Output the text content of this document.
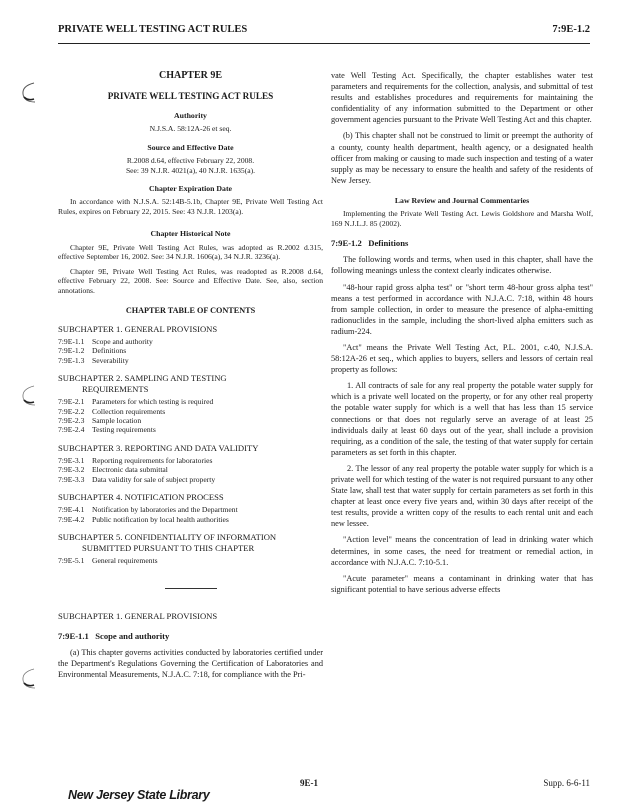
PRIVATE WELL TESTING ACT RULES	7:9E-1.2
CHAPTER 9E
PRIVATE WELL TESTING ACT RULES
Authority
N.J.S.A. 58:12A-26 et seq.
Source and Effective Date
R.2008 d.64, effective February 22, 2008.
See: 39 N.J.R. 4021(a), 40 N.J.R. 1635(a).
Chapter Expiration Date

In accordance with N.J.S.A. 52:14B-5.1b, Chapter 9E, Private Well Testing Act Rules, expires on February 22, 2015. See: 43 N.J.R. 1203(a).

Chapter Historical Note

Chapter 9E, Private Well Testing Act Rules, was adopted as R.2002 d.315, effective September 16, 2002. See: 34 N.J.R. 1606(a), 34 N.J.R. 3236(a).

Chapter 9E, Private Well Testing Act Rules, was readopted as R.2008 d.64, effective February 22, 2008. See: Source and Effective Date. See, also, section annotations.

CHAPTER TABLE OF CONTENTS
SUBCHAPTER 1. GENERAL PROVISIONS
7:9E-1.1	Scope and authority
7:9E-1.2	Definitions
7:9E-1.3	Severability
SUBCHAPTER 2. SAMPLING AND TESTING
REQUIREMENTS
7:9E-2.1	Parameters for which testing is required
7:9E-2.2	Collection requirements
7:9E-2.3	Sample location
7:9E-2.4	Testing requirements
SUBCHAPTER 3. REPORTING AND DATA VALIDITY
7:9E-3.1	Reporting requirements for laboratories
7:9E-3.2	Electronic data submittal
7:9E-3.3	Data validity for sale of subject property
SUBCHAPTER 4. NOTIFICATION PROCESS
7:9E-4.1	Notification by laboratories and the Department
7:9E-4.2	Public notification by local health authorities
SUBCHAPTER 5. CONFIDENTIALITY OF INFORMATION
SUBMITTED PURSUANT TO THIS CHAPTER
7:9E-5.1	General requirements
SUBCHAPTER 1. GENERAL PROVISIONS
7:9E-1.1 Scope and authority

(a) This chapter governs activities conducted by laboratories certified under the Department's Regulations Governing the Certification of Laboratories and Environmental Measurements, N.J.A.C. 7:18, for compliance with the Pri-

vate Well Testing Act. Specifically, the chapter establishes water test parameters and requirements for the collection, analysis, and submittal of test results and establishes procedures and requirements for maintaining the confidentiality of any information submitted to the Department or other government agencies pursuant to the Private Well Testing Act and this chapter.

(b) This chapter shall not be construed to limit or preempt the authority of a county, county health department, health agency, or a designated health officer from making or causing to made such inspection and testing of a water supply as may be necessary to ensure the health and safety of the residents of New Jersey.

Law Review and Journal Commentaries

Implementing the Private Well Testing Act. Lewis Goldshore and Marsha Wolf, 169 N.J.L.J. 85 (2002).

7:9E-1.2 Definitions

The following words and terms, when used in this chapter, shall have the following meanings unless the context clearly indicates otherwise.

"48-hour rapid gross alpha test" or "short term 48-hour gross alpha test" means a test performed in accordance with N.J.A.C. 7:18, within 48 hours from sample collection, in order to measure the presence of alpha-emitting radionuclides in the sample, including the short-lived alpha emitters such as radium-224.

"Act" means the Private Well Testing Act, P.L. 2001, c.40, N.J.S.A. 58:12A-26 et seq., which applies to buyers, sellers and lessors of certain real property as follows:

1. All contracts of sale for any real property the potable water supply for which is a private well located on the property, or for any other real property the potable water supply for which is a well that has less than 15 service connections or that does not regularly serve an average of at least 25 individuals daily at least 60 days out of the year, shall include a provision requiring, as a condition of the sale, the testing of that water supply for certain parameters as set forth in this chapter.

2. The lessor of any real property the potable water supply for which is a private well for which testing of the water is not required pursuant to any other State law, shall test that water supply for certain parameters as set forth in this chapter at least once every five years and, within 30 days after receipt of the test results, provide a written copy of the results to each rental unit and each new lessee.

"Action level" means the concentration of lead in drinking water which determines, in some cases, the need for treatment or remedial action, in accordance with N.J.A.C. 7:10-5.1.

"Acute parameter" means a contaminant in drinking water that has significant potential to have serious adverse effects

9E-1	Supp. 6-6-11
New Jersey State Library
